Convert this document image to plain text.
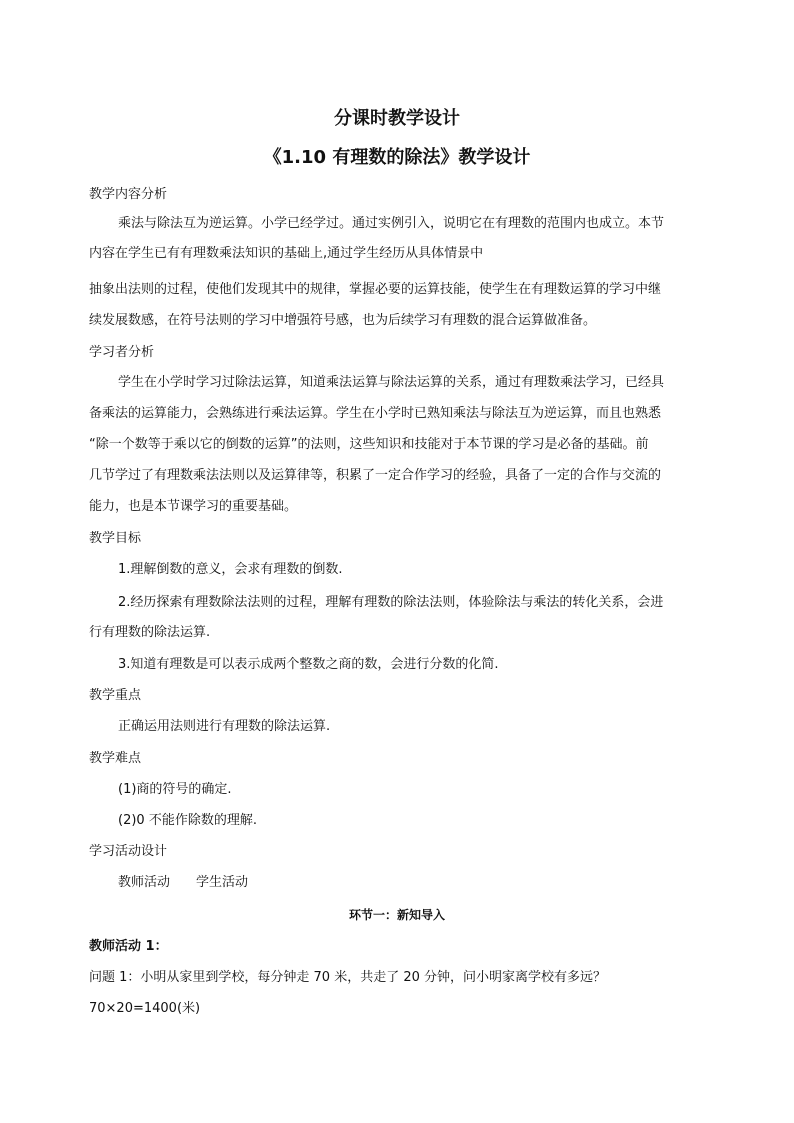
分课时教学设计
《1.10 有理数的除法》教学设计

教学内容分析

乘法与除法互为逆运算。小学已经学过。通过实例引入，说明它在有理数的范围内也成立。本节

内容在学生已有有理数乘法知识的基础上,通过学生经历从具体情景中

抽象出法则的过程，使他们发现其中的规律，掌握必要的运算技能，使学生在有理数运算的学习中继

续发展数感，在符号法则的学习中增强符号感，也为后续学习有理数的混合运算做准备。

学习者分析

学生在小学时学习过除法运算，知道乘法运算与除法运算的关系，通过有理数乘法学习，已经具

备乘法的运算能力，会熟练进行乘法运算。学生在小学时已熟知乘法与除法互为逆运算，而且也熟悉

“除一个数等于乘以它的倒数的运算”的法则，这些知识和技能对于本节课的学习是必备的基础。前

几节学过了有理数乘法法则以及运算律等，积累了一定合作学习的经验，具备了一定的合作与交流的

能力，也是本节课学习的重要基础。

教学目标

1.理解倒数的意义，会求有理数的倒数.

2.经历探索有理数除法法则的过程，理解有理数的除法法则，体验除法与乘法的转化关系，会进

行有理数的除法运算.

3.知道有理数是可以表示成两个整数之商的数，会进行分数的化简.

教学重点

正确运用法则进行有理数的除法运算.

教学难点

(1)商的符号的确定.

(2)0 不能作除数的理解.

学习活动设计

教师活动 学生活动

环节一：新知导入

教师活动 1：

问题 1：小明从家里到学校，每分钟走 70 米，共走了 20 分钟，问小明家离学校有多远？

70×20=1400(米)
